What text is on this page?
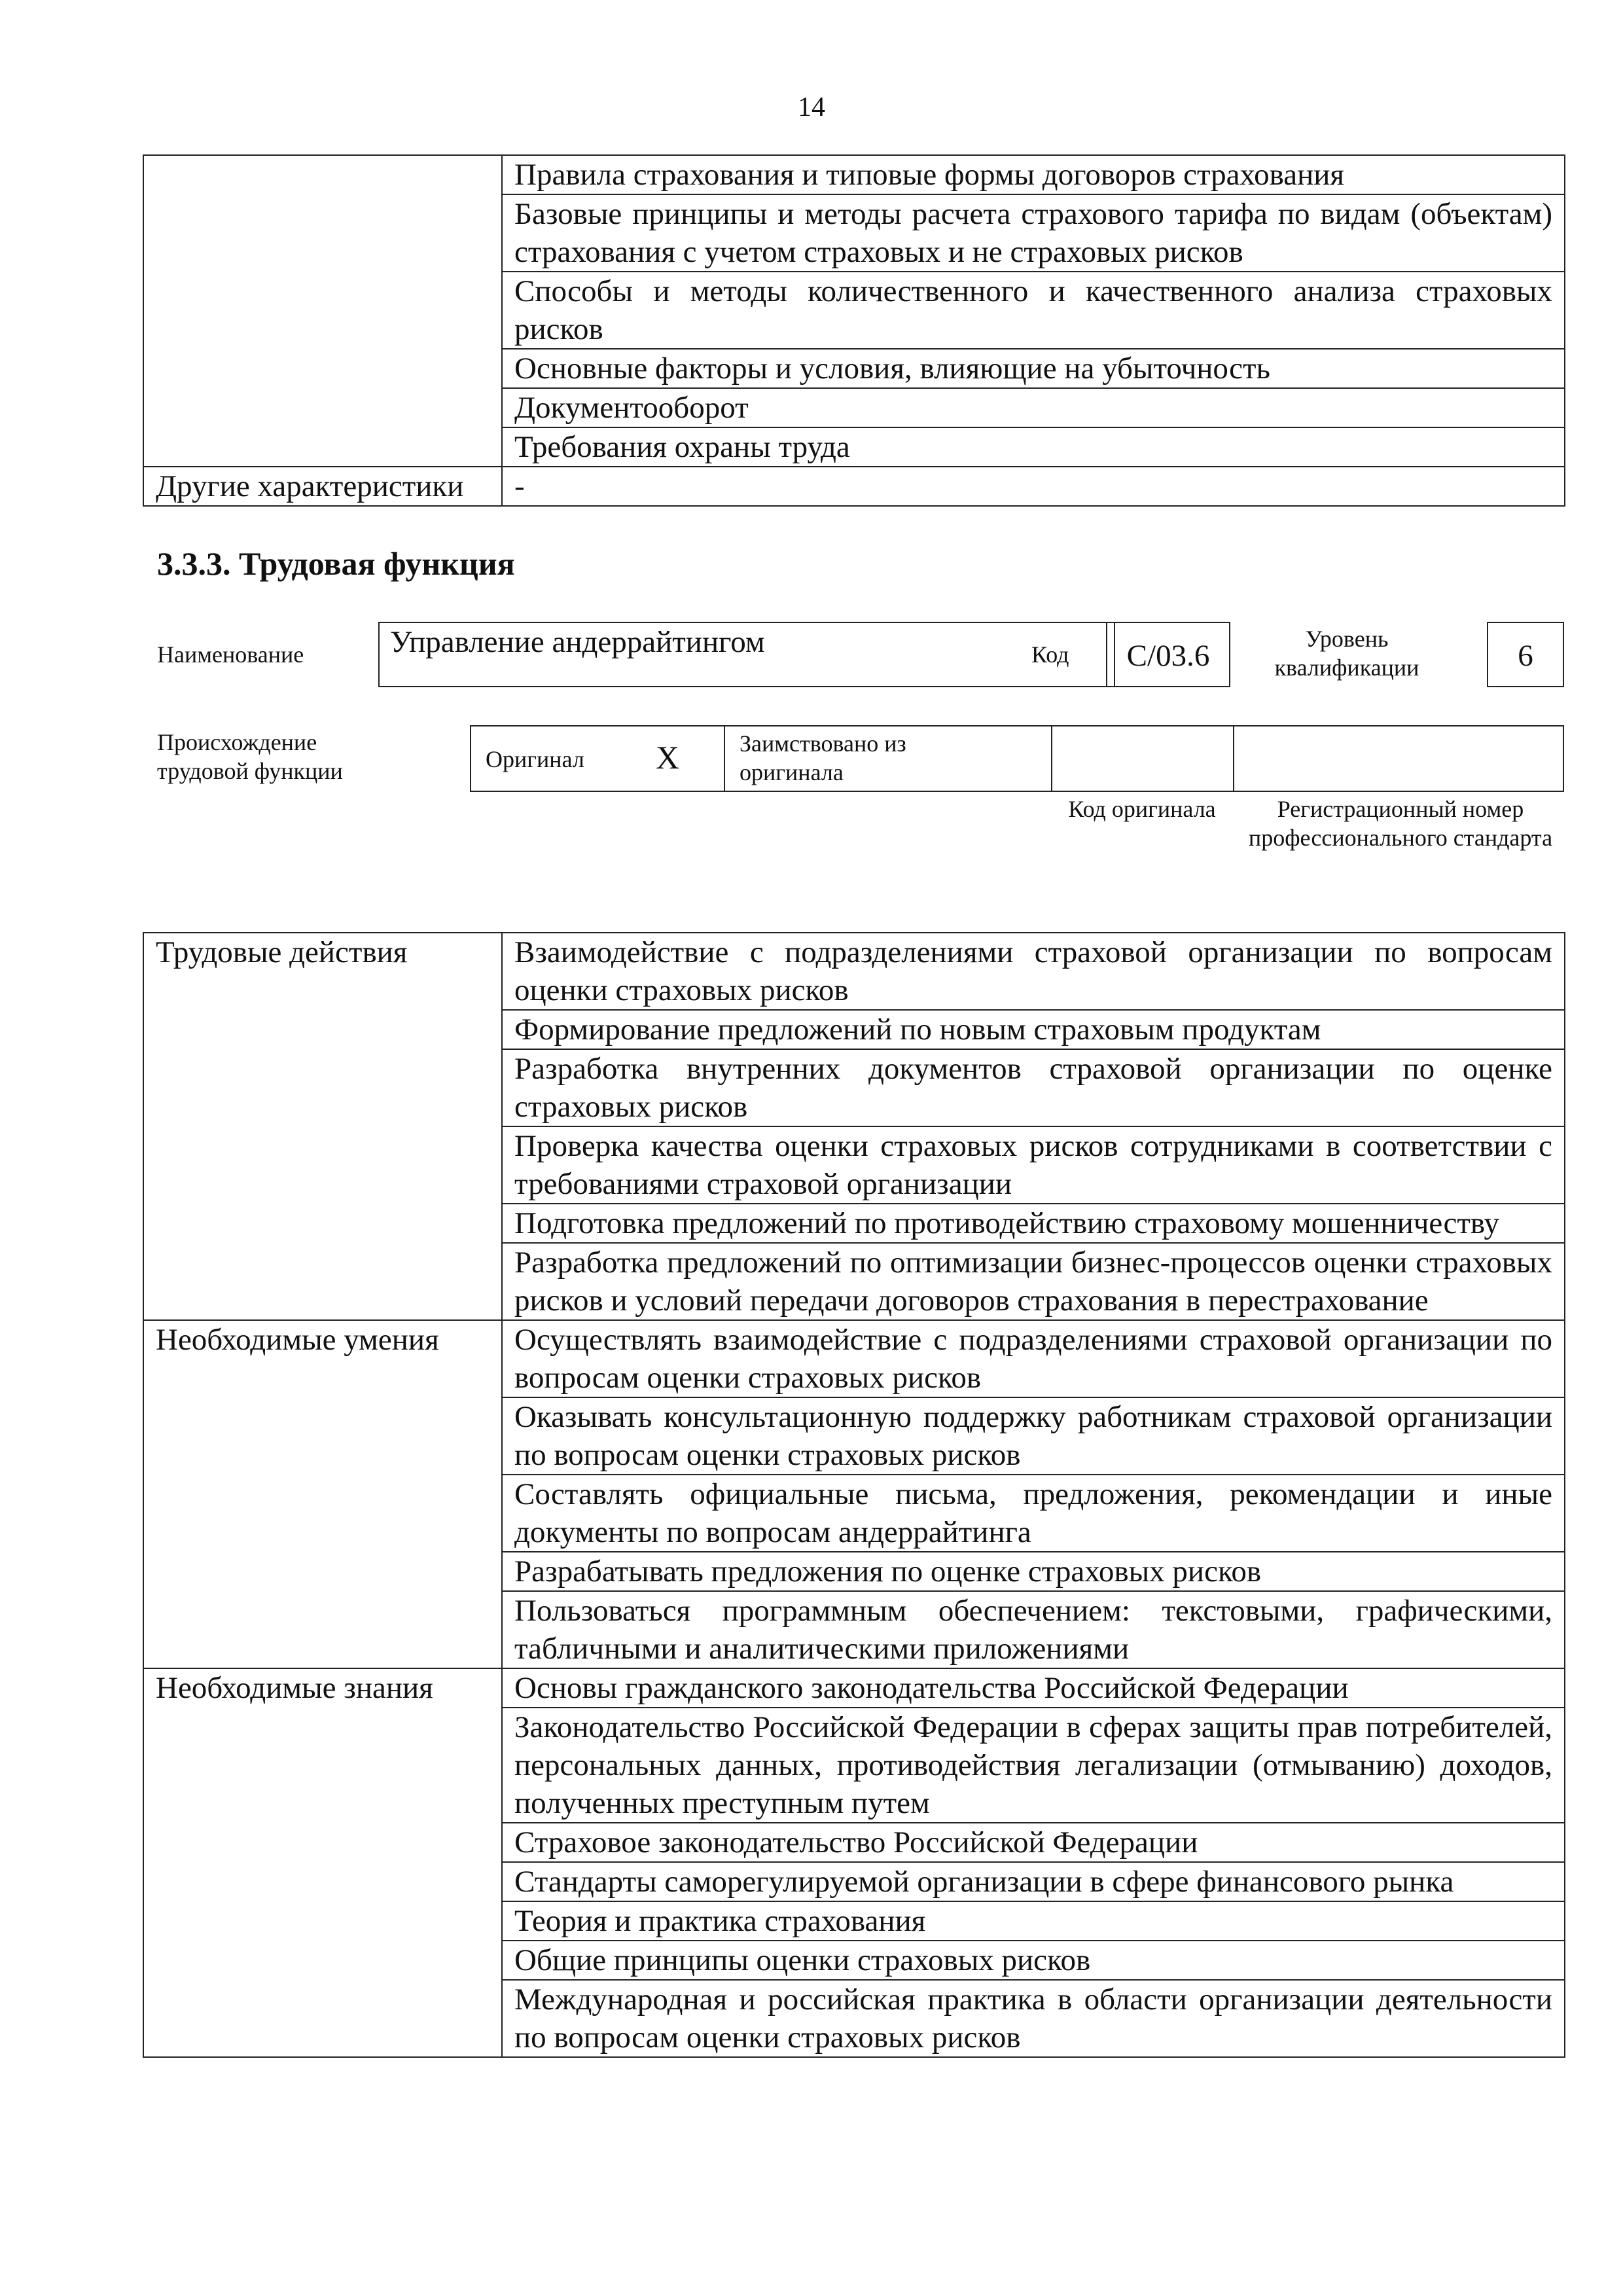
14
	Правила страхования и типовые формы договоров страхования
	Базовые принципы и методы расчета страхового тарифа по видам (объектам) страхования с учетом страховых и не страховых рисков
	Способы и методы количественного и качественного анализа страховых рисков
	Основные факторы и условия, влияющие на убыточность
	Документооборот
	Требования охраны труда
Другие характеристики	-
3.3.3. Трудовая функция
Наименование	Управление андеррайтингом	Код	C/03.6	Уровень квалификации	6
Происхождение трудовой функции	Оригинал X	Заимствовано из оригинала
Код оригинала	Регистрационный номер профессионального стандарта
Трудовые действия	Взаимодействие с подразделениями страховой организации по вопросам оценки страховых рисков
	Формирование предложений по новым страховым продуктам
	Разработка внутренних документов страховой организации по оценке страховых рисков
	Проверка качества оценки страховых рисков сотрудниками в соответствии с требованиями страховой организации
	Подготовка предложений по противодействию страховому мошенничеству
	Разработка предложений по оптимизации бизнес-процессов оценки страховых рисков и условий передачи договоров страхования в перестрахование
Необходимые умения	Осуществлять взаимодействие с подразделениями страховой организации по вопросам оценки страховых рисков
	Оказывать консультационную поддержку работникам страховой организации по вопросам оценки страховых рисков
	Составлять официальные письма, предложения, рекомендации и иные документы по вопросам андеррайтинга
	Разрабатывать предложения по оценке страховых рисков
	Пользоваться программным обеспечением: текстовыми, графическими, табличными и аналитическими приложениями
Необходимые знания	Основы гражданского законодательства Российской Федерации
	Законодательство Российской Федерации в сферах защиты прав потребителей, персональных данных, противодействия легализации (отмыванию) доходов, полученных преступным путем
	Страховое законодательство Российской Федерации
	Стандарты саморегулируемой организации в сфере финансового рынка
	Теория и практика страхования
	Общие принципы оценки страховых рисков
	Международная и российская практика в области организации деятельности по вопросам оценки страховых рисков
